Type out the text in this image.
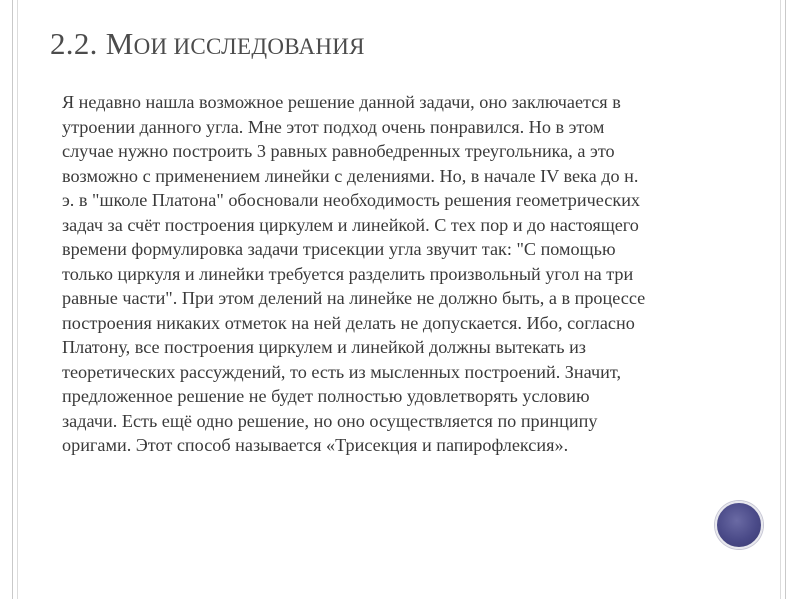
2.2. МОИ ИССЛЕДОВАНИЯ
Я недавно нашла возможное решение данной задачи, оно заключается в
утроении данного угла. Мне этот подход очень понравился. Но в этом
случае нужно построить 3 равных равнобедренных треугольника, а это
возможно с применением линейки с делениями. Но, в начале IV века до н.
э. в "школе Платона" обосновали необходимость решения геометрических
задач за счёт построения циркулем и линейкой. С тех пор и до настоящего
времени формулировка задачи трисекции угла звучит так: "С помощью
только циркуля и линейки требуется разделить произвольный угол на три
равные части". При этом делений на линейке не должно быть, а в процессе
построения никаких отметок на ней делать не допускается. Ибо, согласно
Платону, все построения циркулем и линейкой должны вытекать из
теоретических рассуждений, то есть из мысленных построений. Значит,
предложенное решение не будет полностью удовлетворять условию
задачи. Есть ещё одно решение, но оно осуществляется по принципу
оригами. Этот способ называется «Трисекция и папирофлексия».
